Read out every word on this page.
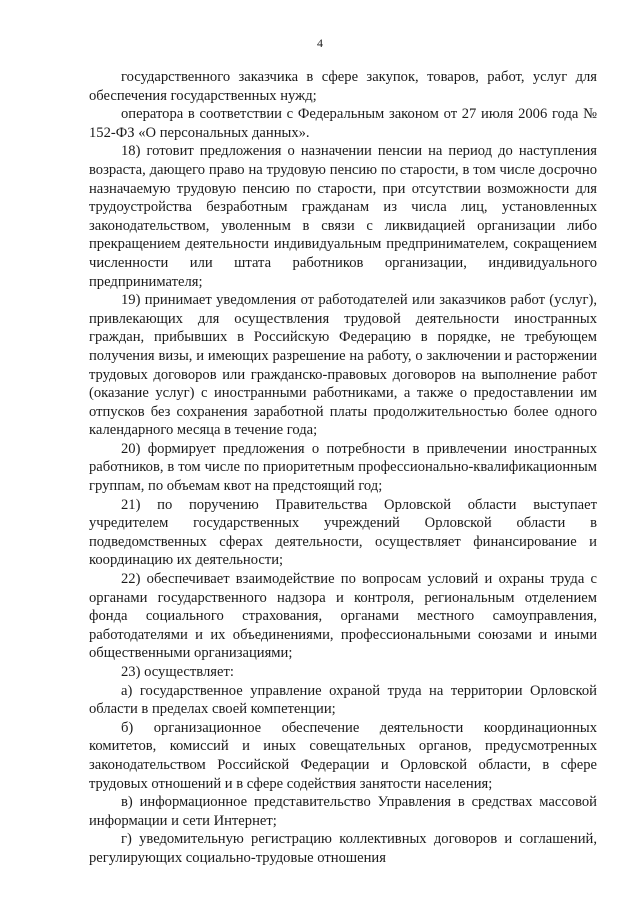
4

государственного заказчика в сфере закупок, товаров, работ, услуг для обеспечения государственных нужд;

оператора в соответствии с Федеральным законом от 27 июля 2006 года № 152-ФЗ «О персональных данных».

18) готовит предложения о назначении пенсии на период до наступления возраста, дающего право на трудовую пенсию по старости, в том числе досрочно назначаемую трудовую пенсию по старости, при отсутствии возможности для трудоустройства безработным гражданам из числа лиц, установленных законодательством, уволенным в связи с ликвидацией организации либо прекращением деятельности индивидуальным предпринимателем, сокращением численности или штата работников организации, индивидуального предпринимателя;

19) принимает уведомления от работодателей или заказчиков работ (услуг), привлекающих для осуществления трудовой деятельности иностранных граждан, прибывших в Российскую Федерацию в порядке, не требующем получения визы, и имеющих разрешение на работу, о заключении и расторжении трудовых договоров или гражданско-правовых договоров на выполнение работ (оказание услуг) с иностранными работниками, а также о предоставлении им отпусков без сохранения заработной платы продолжительностью более одного календарного месяца в течение года;

20) формирует предложения о потребности в привлечении иностранных работников, в том числе по приоритетным профессионально-квалификационным группам, по объемам квот на предстоящий год;

21) по поручению Правительства Орловской области выступает учредителем государственных учреждений Орловской области в подведомственных сферах деятельности, осуществляет финансирование и координацию их деятельности;

22) обеспечивает взаимодействие по вопросам условий и охраны труда с органами государственного надзора и контроля, региональным отделением фонда социального страхования, органами местного самоуправления, работодателями и их объединениями, профессиональными союзами и иными общественными организациями;

23) осуществляет:

а) государственное управление охраной труда на территории Орловской области в пределах своей компетенции;

б) организационное обеспечение деятельности координационных комитетов, комиссий и иных совещательных органов, предусмотренных законодательством Российской Федерации и Орловской области, в сфере трудовых отношений и в сфере содействия занятости населения;

в) информационное представительство Управления в средствах массовой информации и сети Интернет;

г) уведомительную регистрацию коллективных договоров и соглашений, регулирующих социально-трудовые отношения
